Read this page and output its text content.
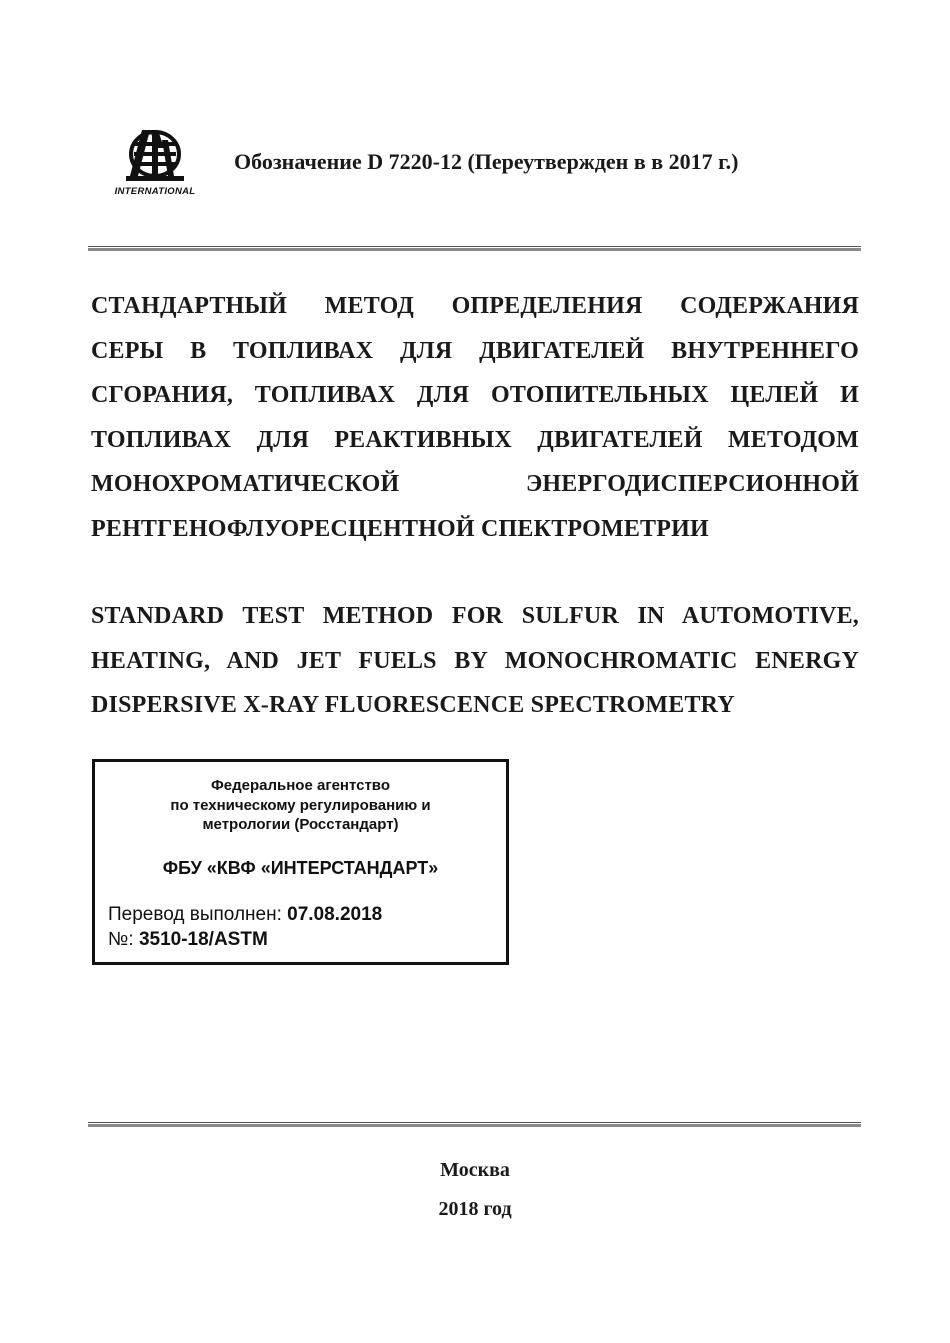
INTERNATIONAL
Обозначение D 7220-12 (Переутвержден в в 2017 г.)
СТАНДАРТНЫЙ МЕТОД ОПРЕДЕЛЕНИЯ СОДЕРЖАНИЯ
СЕРЫ В ТОПЛИВАХ ДЛЯ ДВИГАТЕЛЕЙ ВНУТРЕННЕГО
СГОРАНИЯ, ТОПЛИВАХ ДЛЯ ОТОПИТЕЛЬНЫХ ЦЕЛЕЙ И
ТОПЛИВАХ ДЛЯ РЕАКТИВНЫХ ДВИГАТЕЛЕЙ МЕТОДОМ
МОНОХРОМАТИЧЕСКОЙ ЭНЕРГОДИСПЕРСИОННОЙ
РЕНТГЕНОФЛУОРЕСЦЕНТНОЙ СПЕКТРОМЕТРИИ
STANDARD TEST METHOD FOR SULFUR IN AUTOMOTIVE,
HEATING, AND JET FUELS BY MONOCHROMATIC ENERGY
DISPERSIVE X-RAY FLUORESCENCE SPECTROMETRY
Федеральное агентство
по техническому регулированию и
метрологии (Росстандарт)
ФБУ «КВФ «ИНТЕРСТАНДАРТ»
Перевод выполнен: 07.08.2018
№: 3510-18/ASTM
Москва
2018 год
